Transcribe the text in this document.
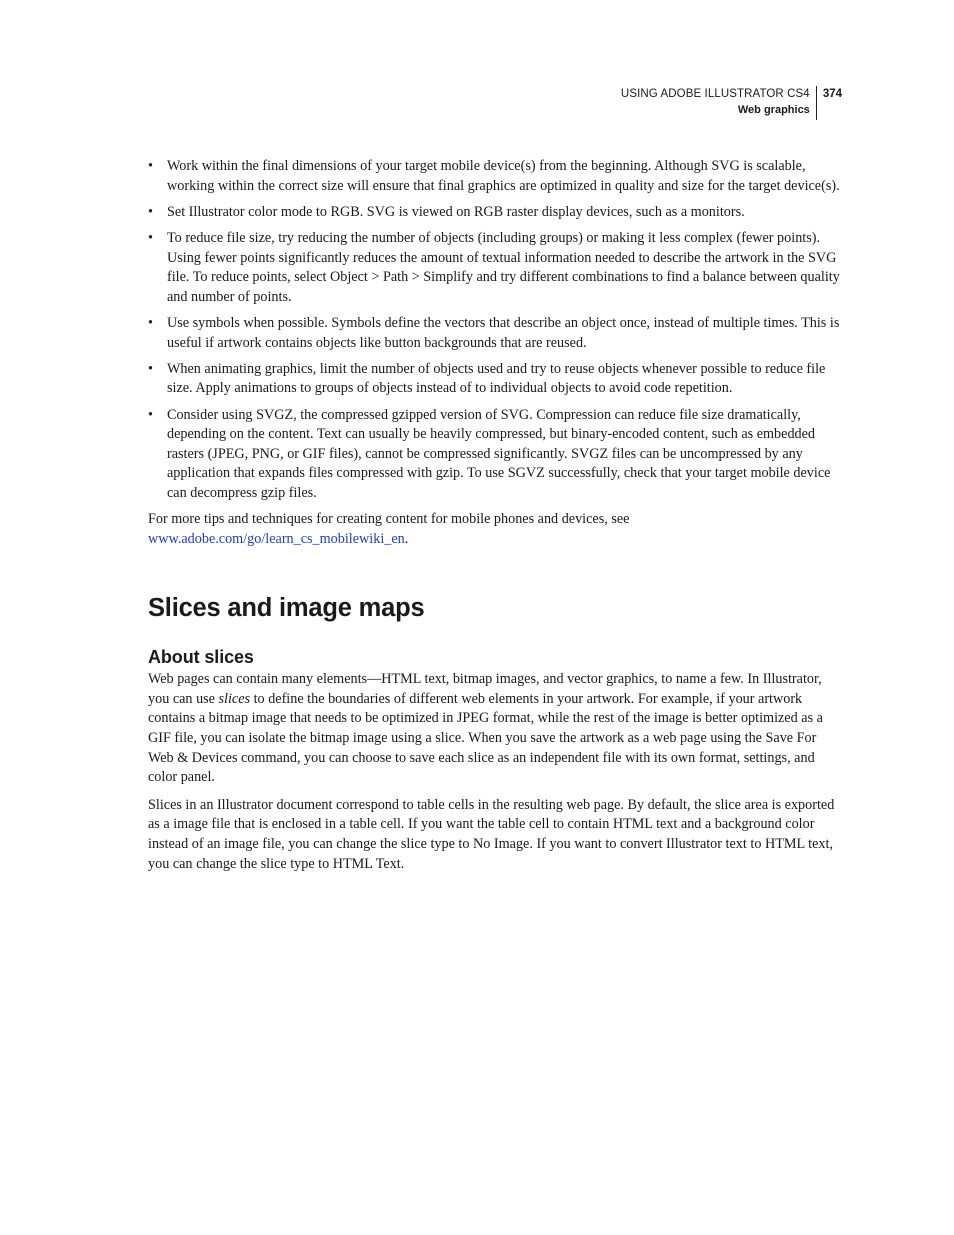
USING ADOBE ILLUSTRATOR CS4
Web graphics
374
• Work within the final dimensions of your target mobile device(s) from the beginning. Although SVG is scalable, working within the correct size will ensure that final graphics are optimized in quality and size for the target device(s).
• Set Illustrator color mode to RGB. SVG is viewed on RGB raster display devices, such as a monitors.
• To reduce file size, try reducing the number of objects (including groups) or making it less complex (fewer points). Using fewer points significantly reduces the amount of textual information needed to describe the artwork in the SVG file. To reduce points, select Object > Path > Simplify and try different combinations to find a balance between quality and number of points.
• Use symbols when possible. Symbols define the vectors that describe an object once, instead of multiple times. This is useful if artwork contains objects like button backgrounds that are reused.
• When animating graphics, limit the number of objects used and try to reuse objects whenever possible to reduce file size. Apply animations to groups of objects instead of to individual objects to avoid code repetition.
• Consider using SVGZ, the compressed gzipped version of SVG. Compression can reduce file size dramatically, depending on the content. Text can usually be heavily compressed, but binary-encoded content, such as embedded rasters (JPEG, PNG, or GIF files), cannot be compressed significantly. SVGZ files can be uncompressed by any application that expands files compressed with gzip. To use SGVZ successfully, check that your target mobile device can decompress gzip files.

For more tips and techniques for creating content for mobile phones and devices, see
www.adobe.com/go/learn_cs_mobilewiki_en.

Slices and image maps
About slices

Web pages can contain many elements—HTML text, bitmap images, and vector graphics, to name a few. In Illustrator, you can use slices to define the boundaries of different web elements in your artwork. For example, if your artwork contains a bitmap image that needs to be optimized in JPEG format, while the rest of the image is better optimized as a GIF file, you can isolate the bitmap image using a slice. When you save the artwork as a web page using the Save For Web & Devices command, you can choose to save each slice as an independent file with its own format, settings, and color panel.

Slices in an Illustrator document correspond to table cells in the resulting web page. By default, the slice area is exported as a image file that is enclosed in a table cell. If you want the table cell to contain HTML text and a background color instead of an image file, you can change the slice type to No Image. If you want to convert Illustrator text to HTML text, you can change the slice type to HTML Text.
